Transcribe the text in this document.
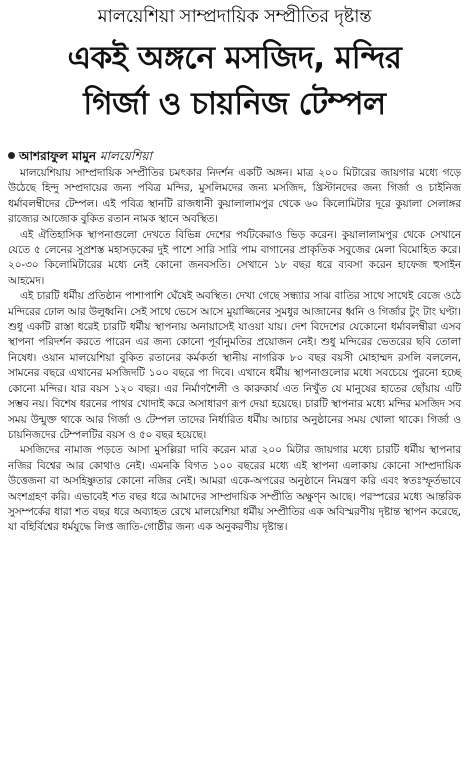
মালয়েশিয়া সাম্প্রদায়িক সম্প্রীতির দৃষ্টান্ত
একই অঙ্গনে মসজিদ, মন্দির
গির্জা ও চায়নিজ টেম্পল
আশরাফুল মামুন মালয়েশিয়া

মালয়েশিয়ায় সাম্প্রদায়িক সম্প্রীতির চমৎকার নিদর্শন একটি অঙ্গন। মাত্র ২০০ মিটারের জায়গার মধ্যে গড়ে উঠেছে হিন্দু সম্প্রদায়ের জন্য পবিত্র মন্দির, মুসলিমদের জন্য মসজিদ, খ্রিস্টানদের জন্য গির্জা ও চাইনিজ ধর্মাবলম্বীদের টেম্পল। এই পবিত্র স্থানটি রাজধানী কুয়ালালামপুর থেকে ৬০ কিলোমিটার দূরে কুয়ালা সেলাঙ্গর রাজ্যের আজোক বুকিত রতান নামক স্থানে অবস্থিত।

এই ঐতিহাসিক স্থাপনাগুলো দেখতে বিভিন্ন দেশের পর্যটকেরাও ভিড় করেন। কুয়ালালামপুর থেকে সেখানে যেতে ৫ লেনের সুপ্রশস্ত মহাসড়কের দুই পাশে সারি সারি পাম বাগানের প্রাকৃতিক সবুজের মেলা বিমোহিত করে। ২০-৩০ কিলোমিটারের মধ্যে নেই কোনো জনবসতি। সেখানে ১৮ বছর ধরে ব্যবসা করেন হাফেজ হুসাইন আহমেদ।

এই চারটি ধর্মীয় প্রতিষ্ঠান পাশাপাশি ঘেঁষেই অবস্থিত। দেখা গেছে সন্ধ্যার সাঝ বাতির সাথে সাথেই বেজে ওঠে মন্দিরের ঢোল আর উলুধ্বনি। সেই সাথে ভেসে আসে মুয়াজ্জিনের সুমধুর আজানের ধ্বনি ও গির্জার টুং টাং ঘণ্টা। শুধু একটি রাস্তা ধরেই চারটি ধর্মীয় স্থাপনায় অনায়াসেই যাওয়া যায়। দেশ বিদেশের যেকোনো ধর্মাবলম্বীরা এসব স্থাপনা পরিদর্শন করতে পারেন এর জন্য কোনো পূর্বানুমতির প্রয়োজন নেই। শুধু মন্দিরের ভেতরের ছবি তোলা নিষেধ। ওয়ান মালয়েশিয়া বুকিত রতানের কর্মকর্তা স্থানীয় নাগরিক ৮০ বছর বয়সী মোহাম্মদ রসলি বললেন, সামনের বছরে এখানের মসজিদটি ১০০ বছরে পা দিবে। এখানে ধর্মীয় স্থাপনাগুলোর মধ্যে সবচেয়ে পুরনো হচ্ছে কোনো মন্দির। যার বয়স ১২০ বছর। এর নির্মাণশৈলী ও কারুকার্য এত নিখুঁত যে মানুষের হাতের ছোঁয়ায় এটি সম্ভব নয়। বিশেষ ধরনের পাথর খোদাই করে অসাধারণ রূপ দেয়া হয়েছে। চারটি স্থাপনার মধ্যে মন্দির মসজিদ সব সময় উন্মুক্ত থাকে আর গির্জা ও টেম্পল তাদের নির্ধারিত ধর্মীয় আচার অনুষ্ঠানের সময় খোলা থাকে। গির্জা ও চায়নিজদের টেম্পলটির বয়স ও ৫০ বছর হয়েছে।

মসজিদের নামাজ পড়তে আসা মুসল্লিরা দাবি করেন মাত্র ২০০ মিটার জায়গার মধ্যে চারটি ধর্মীয় স্থাপনার নজির বিশ্বের আর কোথাও নেই। এমনকি বিগত ১০০ বছরের মধ্যে এই স্থাপনা এলাকায় কোনো সাম্প্রদায়িক উত্তেজনা বা অসহিষ্ণুতার কোনো নজির নেই। আমরা একে-অপরের অনুষ্ঠানে নিমন্ত্রণ করি এবং স্বতঃস্ফূর্তভাবে অংশগ্রহণ করি। এভাবেই শত বছর ধরে আমাদের সাম্প্রদায়িক সম্প্রীতি অক্ষুণ্ন আছে। পরস্পরের মধ্যে আন্তরিক সুসম্পর্কের ধারা শত বছর ধরে অব্যাহত রেখে মালয়েশিয়া ধর্মীয় সম্প্রীতির এক অবিস্মরণীয় দৃষ্টান্ত স্থাপন করেছে, যা বহির্বিশ্বের ধর্মযুদ্ধে লিপ্ত জাতি-গোষ্ঠীর জন্য এক অনুকরণীয় দৃষ্টান্ত।
